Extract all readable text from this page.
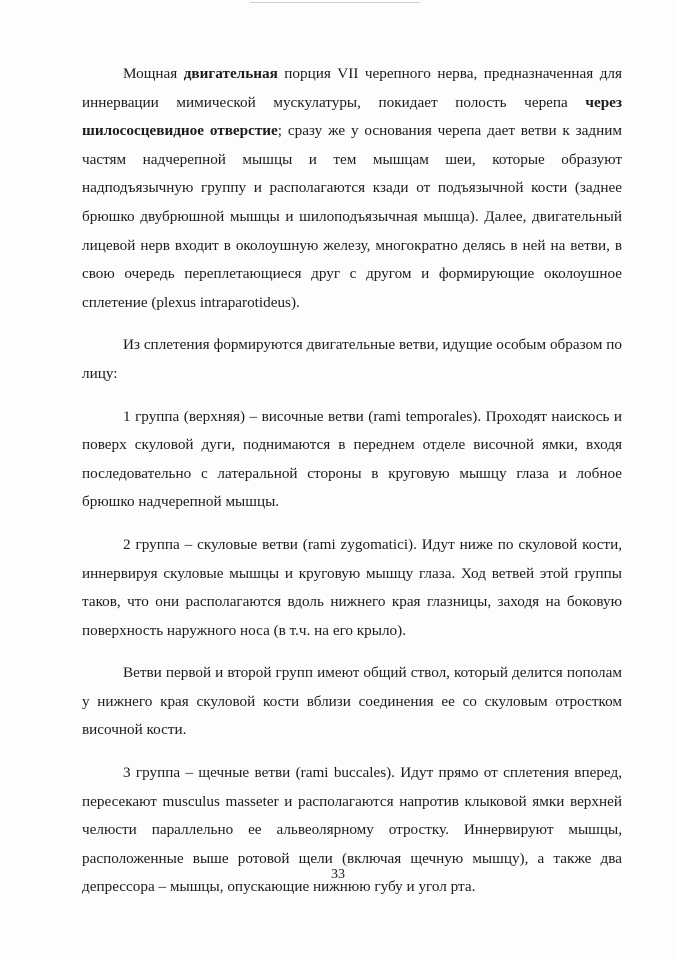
Мощная двигательная порция VII черепного нерва, предназначенная для иннервации мимической мускулатуры, покидает полость черепа через шилососцевидное отверстие; сразу же у основания черепа дает ветви к задним частям надчерепной мышцы и тем мышцам шеи, которые образуют надподъязычную группу и располагаются кзади от подъязычной кости (заднее брюшко двубрюшной мышцы и шилоподъязычная мышца). Далее, двигательный лицевой нерв входит в околоушную железу, многократно делясь в ней на ветви, в свою очередь переплетающиеся друг с другом и формирующие околоушное сплетение (plexus intraparotideus).

Из сплетения формируются двигательные ветви, идущие особым образом по лицу:

1 группа (верхняя) – височные ветви (rami temporales). Проходят наискось и поверх скуловой дуги, поднимаются в переднем отделе височной ямки, входя последовательно с латеральной стороны в круговую мышцу глаза и лобное брюшко надчерепной мышцы.

2 группа – скуловые ветви (rami zygomatici). Идут ниже по скуловой кости, иннервируя скуловые мышцы и круговую мышцу глаза. Ход ветвей этой группы таков, что они располагаются вдоль нижнего края глазницы, заходя на боковую поверхность наружного носа (в т.ч. на его крыло).

Ветви первой и второй групп имеют общий ствол, который делится пополам у нижнего края скуловой кости вблизи соединения ее со скуловым отростком височной кости.

3 группа – щечные ветви (rami buccales). Идут прямо от сплетения вперед, пересекают musculus masseter и располагаются напротив клыковой ямки верхней челюсти параллельно ее альвеолярному отростку. Иннервируют мышцы, расположенные выше ротовой щели (включая щечную мышцу), а также два депрессора – мышцы, опускающие нижнюю губу и угол рта.

33
